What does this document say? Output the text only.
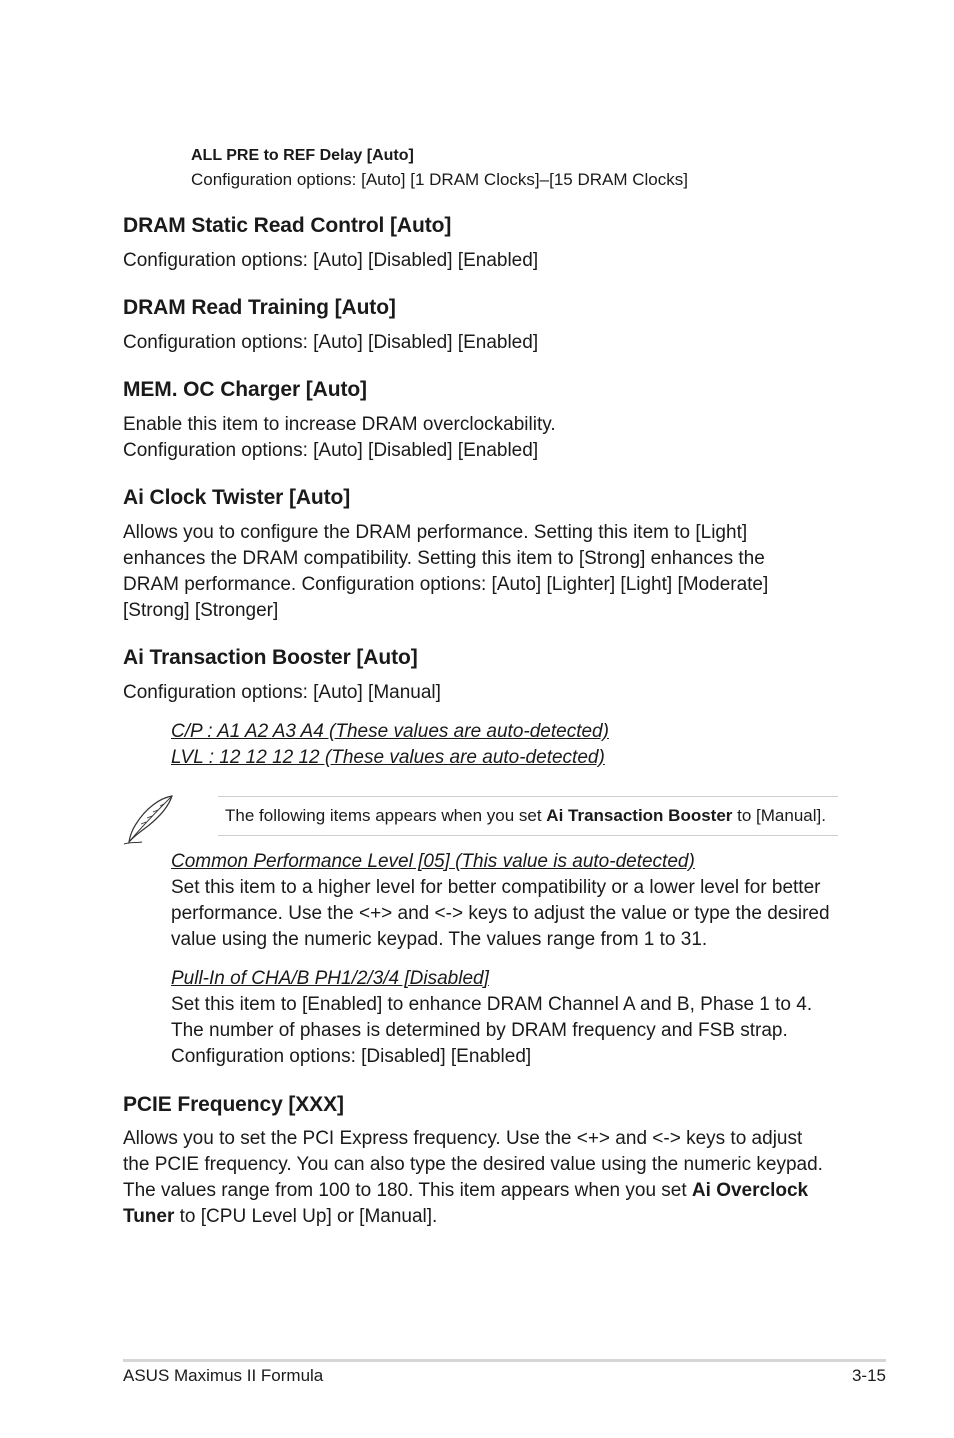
ALL PRE to REF Delay [Auto]
Configuration options: [Auto] [1 DRAM Clocks]–[15 DRAM Clocks]
DRAM Static Read Control [Auto]

Configuration options: [Auto] [Disabled] [Enabled]

DRAM Read Training [Auto]

Configuration options: [Auto] [Disabled] [Enabled]

MEM. OC Charger [Auto]

Enable this item to increase DRAM overclockability.

Configuration options: [Auto] [Disabled] [Enabled]

Ai Clock Twister [Auto]

Allows you to configure the DRAM performance. Setting this item to [Light] enhances the DRAM compatibility. Setting this item to [Strong] enhances the DRAM performance. Configuration options: [Auto] [Lighter] [Light] [Moderate] [Strong] [Stronger]

Ai Transaction Booster [Auto]

Configuration options: [Auto] [Manual]

C/P : A1 A2 A3 A4 (These values are auto-detected)

LVL : 12 12 12 12 (These values are auto-detected)

The following items appears when you set Ai Transaction Booster to [Manual].

Common Performance Level [05] (This value is auto-detected)

Set this item to a higher level for better compatibility or a lower level for better performance. Use the <+> and <-> keys to adjust the value or type the desired value using the numeric keypad. The values range from 1 to 31.

Pull-In of CHA/B PH1/2/3/4 [Disabled]

Set this item to [Enabled] to enhance DRAM Channel A and B, Phase 1 to 4. The number of phases is determined by DRAM frequency and FSB strap. Configuration options: [Disabled] [Enabled]

PCIE Frequency [XXX]

Allows you to set the PCI Express frequency. Use the <+> and <-> keys to adjust the PCIE frequency. You can also type the desired value using the numeric keypad. The values range from 100 to 180. This item appears when you set Ai Overclock Tuner to [CPU Level Up] or [Manual].

ASUS Maximus II Formula	3-15
